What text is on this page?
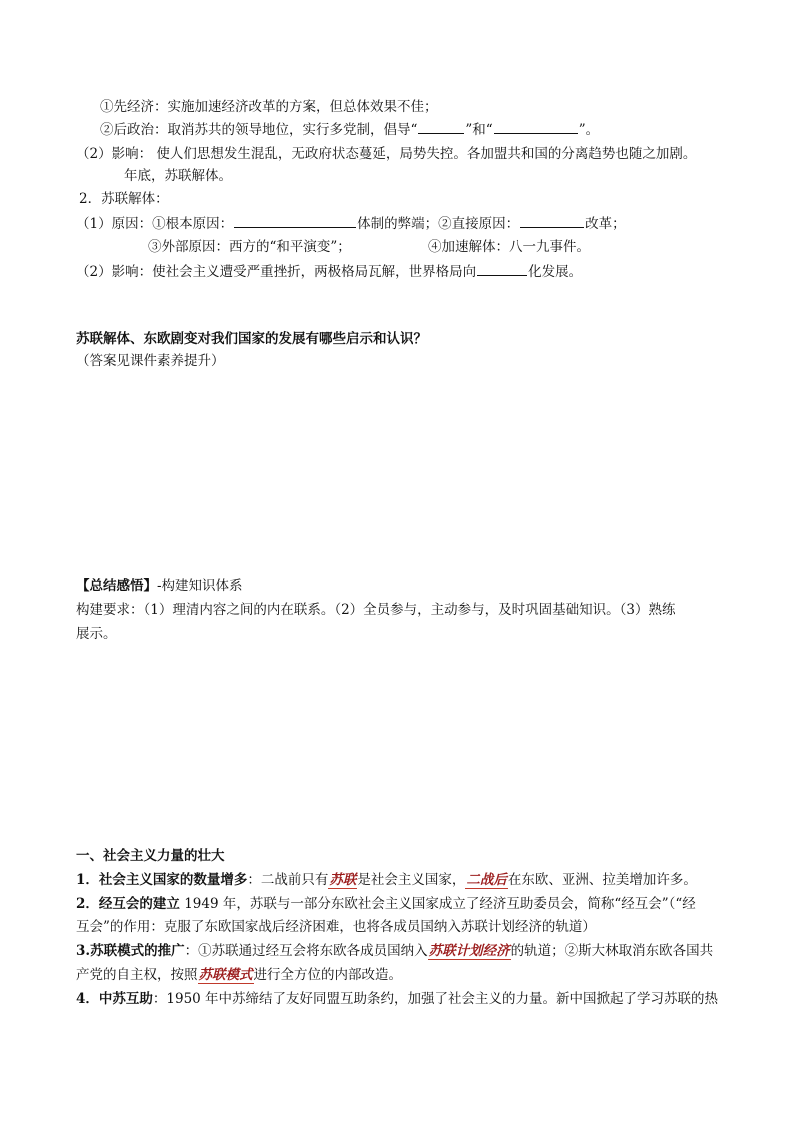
①先经济：实施加速经济改革的方案，但总体效果不佳；
②后政治：取消苏共的领导地位，实行多党制，倡导“	”和“	”。
（2）影响： 使人们思想发生混乱，无政府状态蔓延，局势失控。各加盟共和国的分离趋势也随之加剧。
年底，苏联解体。
2．苏联解体：
（1）原因：①根本原因：	体制的弊端；②直接原因：	改革；
③外部原因：西方的“和平演变”；	④加速解体：八一九事件。
（2）影响：使社会主义遭受严重挫折，两极格局瓦解，世界格局向	化发展。
苏联解体、东欧剧变对我们国家的发展有哪些启示和认识？
（答案见课件素养提升）
【总结感悟】-构建知识体系
构建要求：（1）理清内容之间的内在联系。（2）全员参与，主动参与，及时巩固基础知识。（3）熟练
展示。
一、社会主义力量的壮大
1．社会主义国家的数量增多：二战前只有苏联是社会主义国家，二战后在东欧、亚洲、拉美增加许多。
2．经互会的建立 1949 年，苏联与一部分东欧社会主义国家成立了经济互助委员会，简称“经互会”（“经
互会”的作用：克服了东欧国家战后经济困难，也将各成员国纳入苏联计划经济的轨道）
3.苏联模式的推广：①苏联通过经互会将东欧各成员国纳入苏联计划经济的轨道；②斯大林取消东欧各国共
产党的自主权，按照苏联模式进行全方位的内部改造。
4．中苏互助：1950 年中苏缔结了友好同盟互助条约，加强了社会主义的力量。新中国掀起了学习苏联的热
